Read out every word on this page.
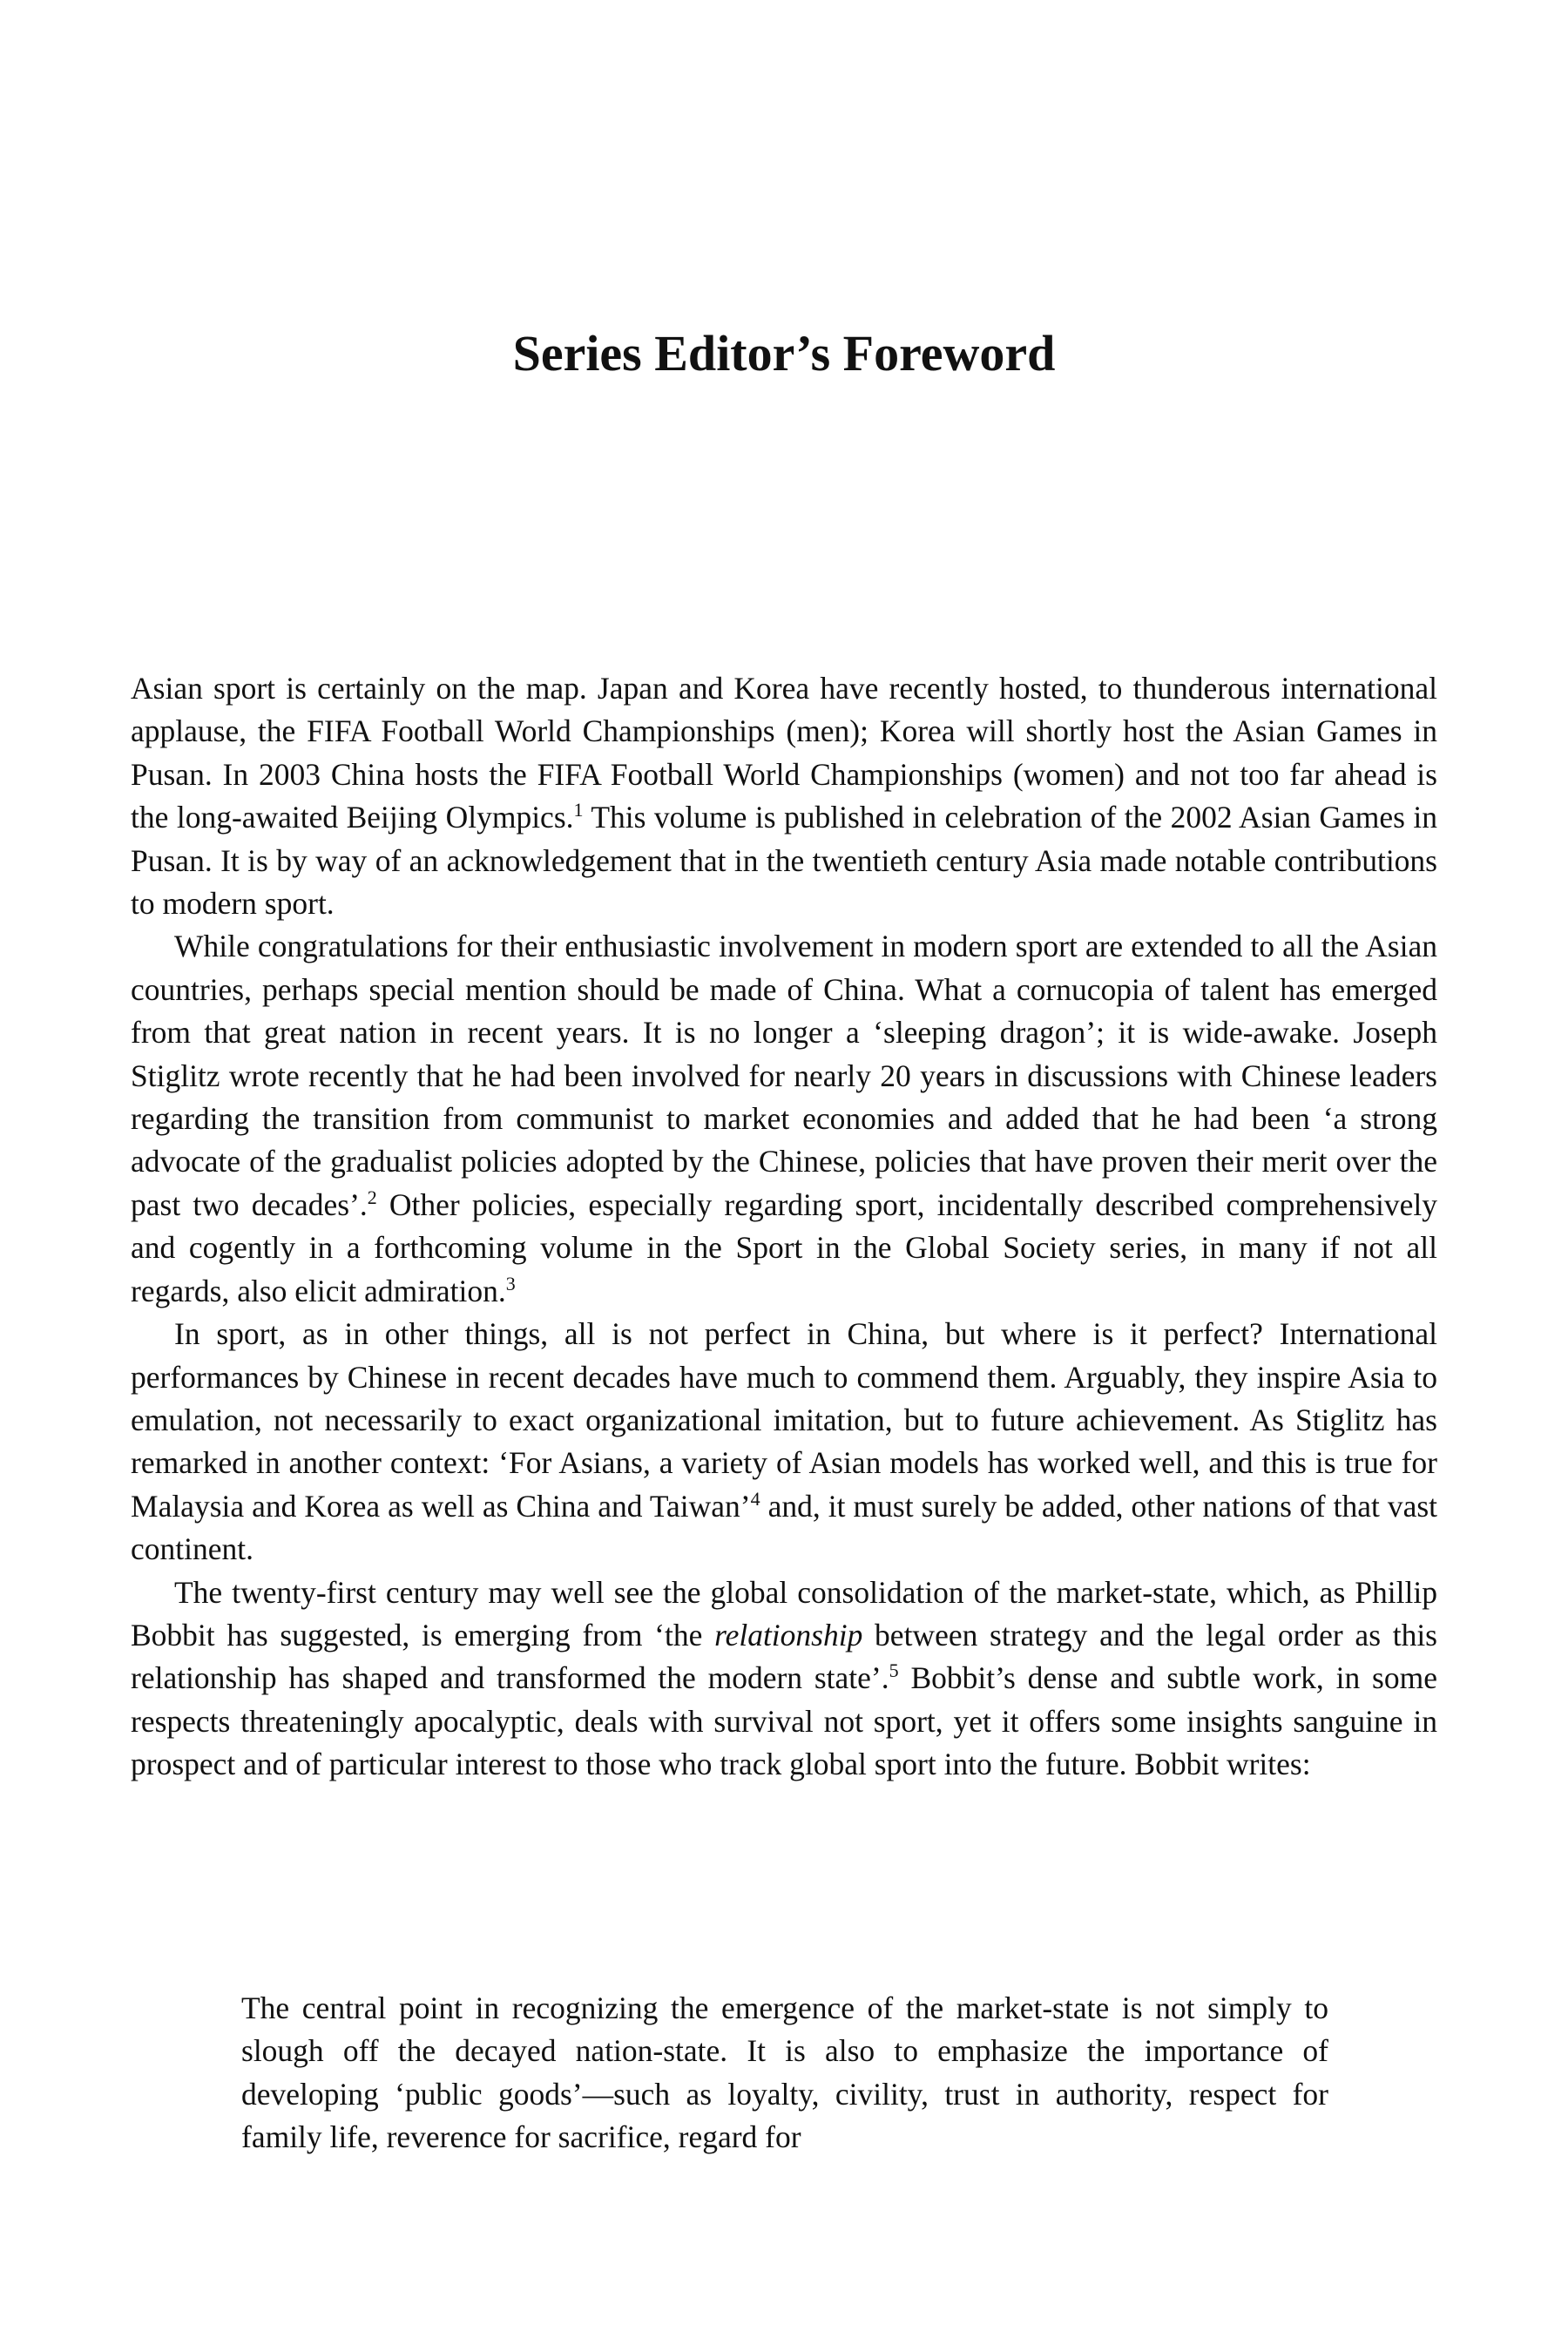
Series Editor’s Foreword

Asian sport is certainly on the map. Japan and Korea have recently hosted, to thunderous international applause, the FIFA Football World Championships (men); Korea will shortly host the Asian Games in Pusan. In 2003 China hosts the FIFA Football World Championships (women) and not too far ahead is the long-awaited Beijing Olympics.$^1$ This volume is published in celebration of the 2002 Asian Games in Pusan. It is by way of an acknowledgement that in the twentieth century Asia made notable contributions to modern sport.

While congratulations for their enthusiastic involvement in modern sport are extended to all the Asian countries, perhaps special mention should be made of China. What a cornucopia of talent has emerged from that great nation in recent years. It is no longer a ‘sleeping dragon’; it is wide-awake. Joseph Stiglitz wrote recently that he had been involved for nearly 20 years in discussions with Chinese leaders regarding the transition from communist to market economies and added that he had been ‘a strong advocate of the gradualist policies adopted by the Chinese, policies that have proven their merit over the past two decades’.$^2$ Other policies, especially regarding sport, incidentally described comprehensively and cogently in a forthcoming volume in the Sport in the Global Society series, in many if not all regards, also elicit admiration.$^3$

In sport, as in other things, all is not perfect in China, but where is it perfect? International performances by Chinese in recent decades have much to commend them. Arguably, they inspire Asia to emulation, not necessarily to exact organizational imitation, but to future achievement. As Stiglitz has remarked in another context: ‘For Asians, a variety of Asian models has worked well, and this is true for Malaysia and Korea as well as China and Taiwan’$^4$ and, it must surely be added, other nations of that vast continent.

The twenty-first century may well see the global consolidation of the market-state, which, as Phillip Bobbit has suggested, is emerging from ‘the relationship between strategy and the legal order as this relationship has shaped and transformed the modern state’.$^5$ Bobbit’s dense and subtle work, in some respects threateningly apocalyptic, deals with survival not sport, yet it offers some insights sanguine in prospect and of particular interest to those who track global sport into the future. Bobbit writes:

The central point in recognizing the emergence of the market-state is not simply to slough off the decayed nation-state. It is also to emphasize the importance of developing ‘public goods’—such as loyalty, civility, trust in authority, respect for family life, reverence for sacrifice, regard for
